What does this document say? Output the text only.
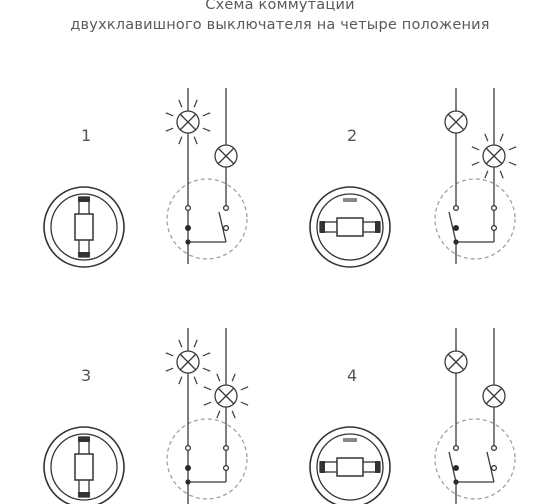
Схема коммутации
двухклавишного выключателя на четыре положения
1	2
3	4
